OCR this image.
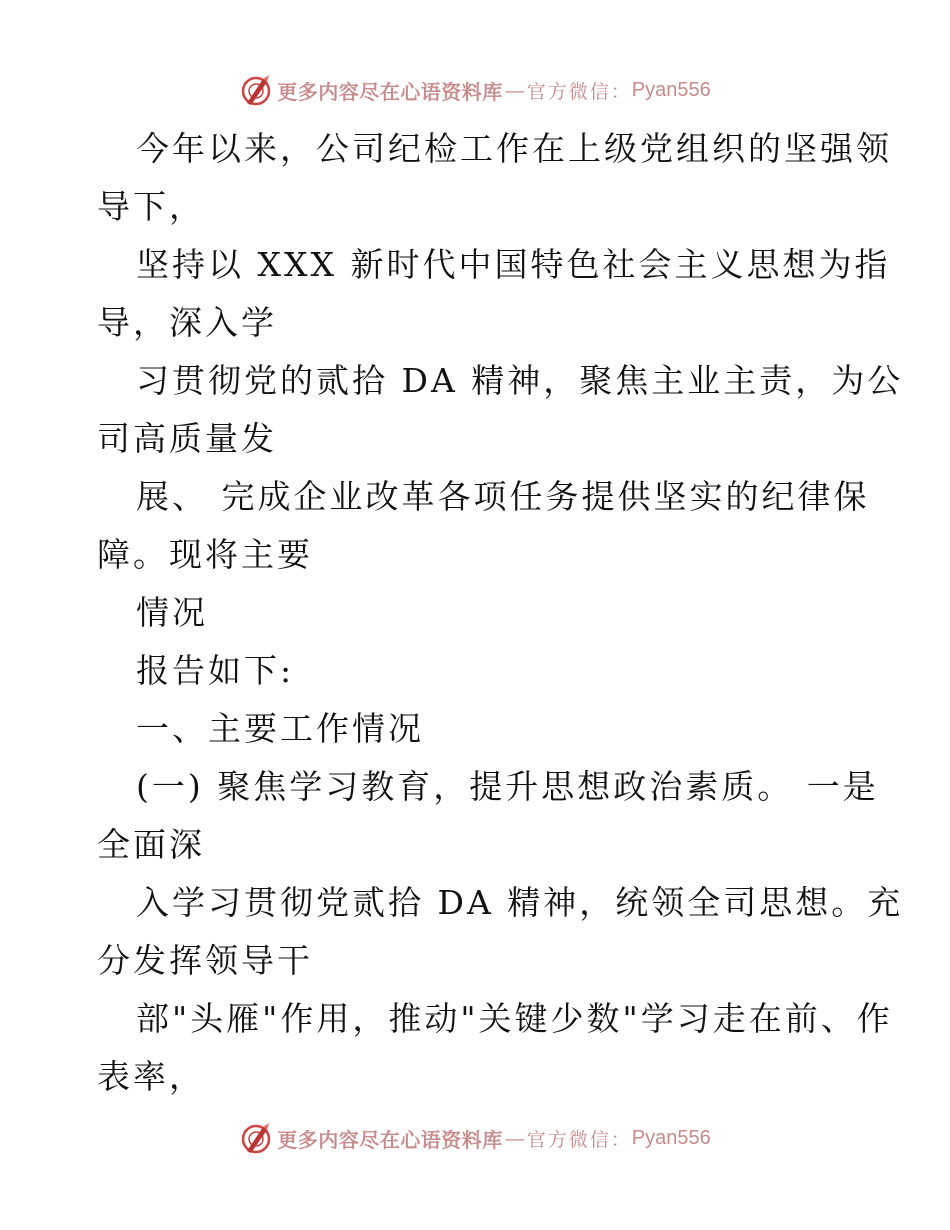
更多内容尽在心语资料库 — 官方微信： Pyan556
今年以来，公司纪检工作在上级党组织的坚强领
导下，
坚持以 XXX 新时代中国特色社会主义思想为指
导，深入学
习贯彻党的贰拾 DA 精神，聚焦主业主责，为公
司高质量发
展、 完成企业改革各项任务提供坚实的纪律保
障。现将主要
情况
报告如下:
一、主要工作情况
(一) 聚焦学习教育，提升思想政治素质。 一是
全面深
入学习贯彻党贰拾 DA 精神，统领全司思想。充
分发挥领导干
部"头雁"作用，推动"关键少数"学习走在前、作
表率，
更多内容尽在心语资料库 — 官方微信： Pyan556
